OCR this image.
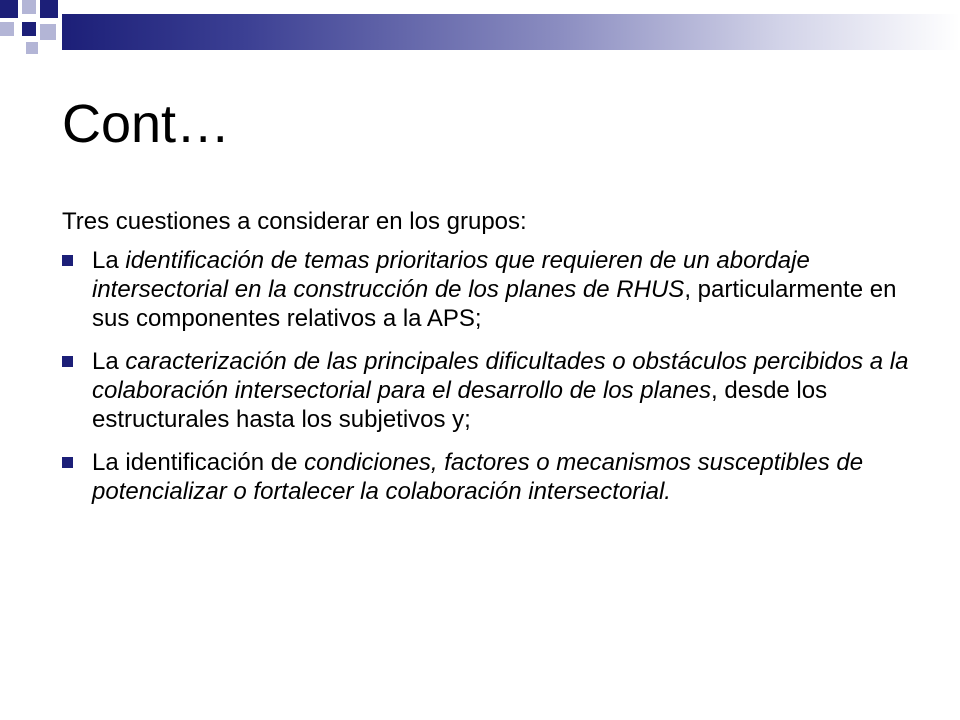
Cont…

Tres cuestiones a considerar en los grupos:

La identificación de temas prioritarios que requieren de un abordaje intersectorial en la construcción de los planes de RHUS, particularmente en sus componentes relativos a la APS;
La caracterización de las principales dificultades o obstáculos percibidos a la colaboración intersectorial para el desarrollo de los planes, desde los estructurales hasta los subjetivos y;
La identificación de condiciones, factores o mecanismos susceptibles de potencializar o fortalecer la colaboración intersectorial.
